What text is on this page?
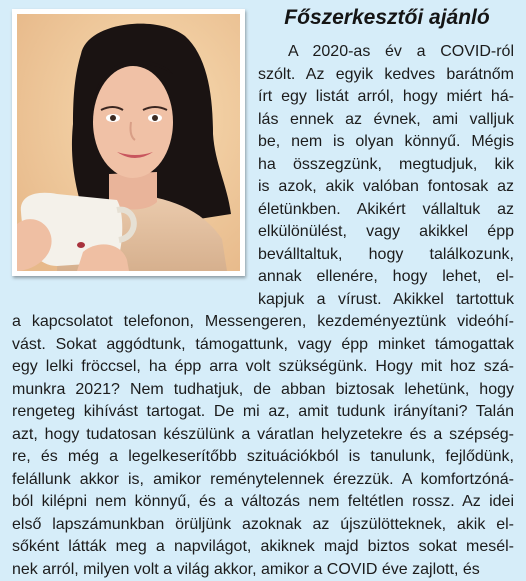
Főszerkesztői ajánló
A 2020-as év a COVID-ról
szólt. Az egyik kedves barátnőm
írt egy listát arról, hogy miért há-
lás ennek az évnek, ami valljuk
be, nem is olyan könnyű. Mégis
ha összegzünk, megtudjuk, kik
is azok, akik valóban fontosak az
életünkben. Akikért vállaltuk az
elkülönülést, vagy akikkel épp
beválltaltuk, hogy találkozunk,
annak ellenére, hogy lehet, el-
kapjuk a vírust. Akikkel tartottuk
a kapcsolatot telefonon, Messengeren, kezdeményeztünk videóhí-
vást. Sokat aggódtunk, támogattunk, vagy épp minket támogattak
egy lelki fröccsel, ha épp arra volt szükségünk. Hogy mit hoz szá-
munkra 2021? Nem tudhatjuk, de abban biztosak lehetünk, hogy
rengeteg kihívást tartogat. De mi az, amit tudunk irányítani? Talán
azt, hogy tudatosan készülünk a váratlan helyzetekre és a szépség-
re, és még a legelkeserítőbb szituációkból is tanulunk, fejlődünk,
felállunk akkor is, amikor reménytelennek érezzük. A komfortzóná-
ból kilépni nem könnyű, és a változás nem feltétlen rossz. Az idei
első lapszámunkban örüljünk azoknak az újszülötteknek, akik el-
sőként látták meg a napvilágot, akiknek majd biztos sokat mesél-
nek arról, milyen volt a világ akkor, amikor a COVID éve zajlott, és
